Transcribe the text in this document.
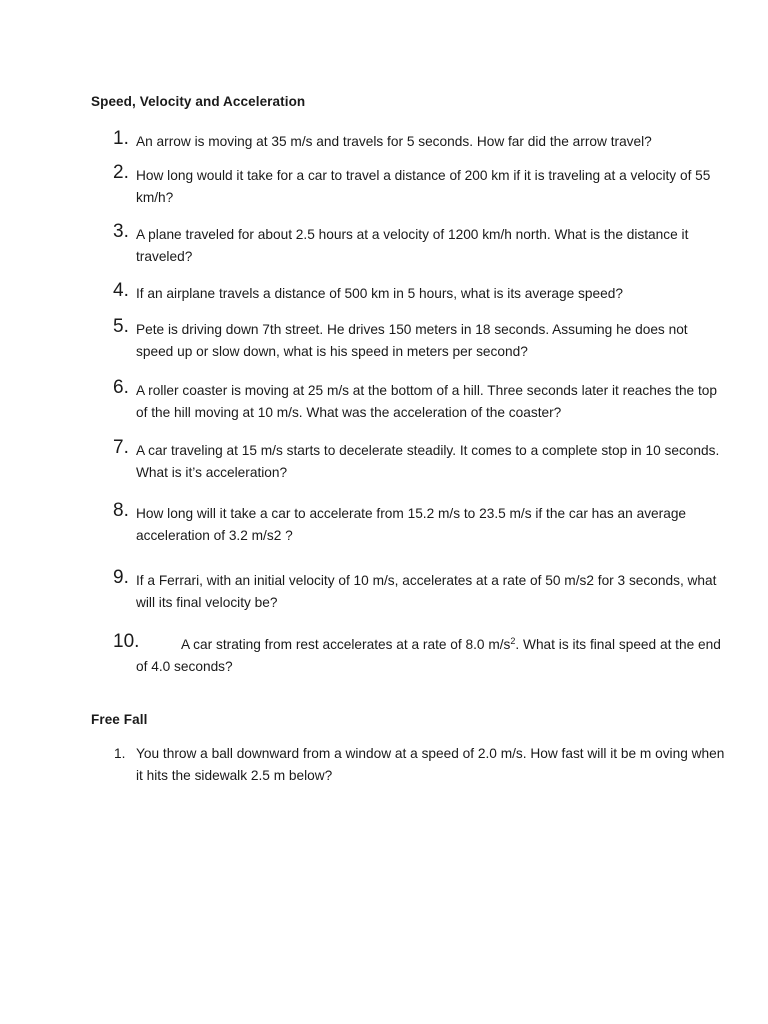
Speed, Velocity and Acceleration
1. An arrow is moving at 35 m/s and travels for 5 seconds. How far did the arrow travel?
2. How long would it take for a car to travel a distance of 200 km if it is traveling at a velocity of 55 km/h?
3. A plane traveled for about 2.5 hours at a velocity of 1200 km/h north. What is the distance it traveled?
4. If an airplane travels a distance of 500 km in 5 hours, what is its average speed?
5. Pete is driving down 7th street. He drives 150 meters in 18 seconds. Assuming he does not speed up or slow down, what is his speed in meters per second?
6. A roller coaster is moving at 25 m/s at the bottom of a hill. Three seconds later it reaches the top of the hill moving at 10 m/s. What was the acceleration of the coaster?
7. A car traveling at 15 m/s starts to decelerate steadily. It comes to a complete stop in 10 seconds. What is it’s acceleration?
8. How long will it take a car to accelerate from 15.2 m/s to 23.5 m/s if the car has an average acceleration of 3.2 m/s2 ?
9. If a Ferrari, with an initial velocity of 10 m/s, accelerates at a rate of 50 m/s2 for 3 seconds, what will its final velocity be?
10.	A car strating from rest accelerates at a rate of 8.0 $m/s^2$. What is its final speed at the end of 4.0 seconds?
Free Fall
1. You throw a ball downward from a window at a speed of 2.0 m/s. How fast will it be m oving when it hits the sidewalk 2.5 m below?
